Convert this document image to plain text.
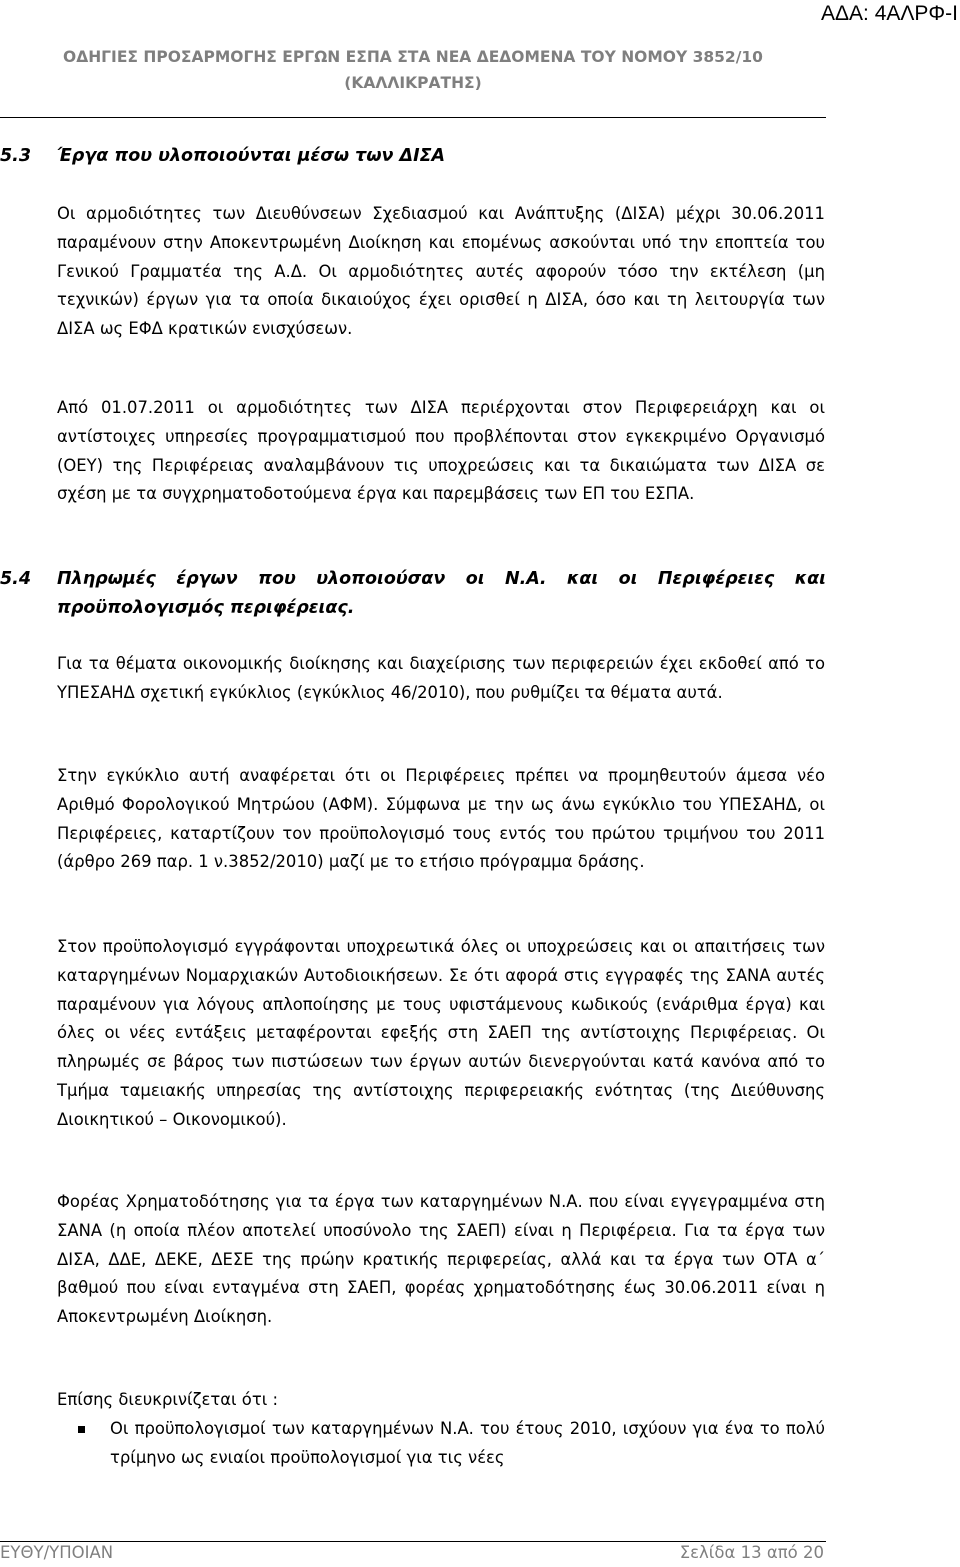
ΑΔΑ: 4ΑΛΡΦ-Ι
ΟΔΗΓΙΕΣ ΠΡΟΣΑΡΜΟΓΗΣ ΕΡΓΩΝ ΕΣΠΑ ΣΤΑ ΝΕΑ ΔΕΔΟΜΕΝΑ ΤΟΥ ΝΟΜΟΥ 3852/10
(ΚΑΛΛΙΚΡΑΤΗΣ)
5.3 Έργα που υλοποιούνται μέσω των ΔΙΣΑ

Οι αρμοδιότητες των Διευθύνσεων Σχεδιασμού και Ανάπτυξης (ΔΙΣΑ) μέχρι 30.06.2011 παραμένουν στην Αποκεντρωμένη Διοίκηση και επομένως ασκούνται υπό την εποπτεία του Γενικού Γραμματέα της Α.Δ. Οι αρμοδιότητες αυτές αφορούν τόσο την εκτέλεση (μη τεχνικών) έργων για τα οποία δικαιούχος έχει ορισθεί η ΔΙΣΑ, όσο και τη λειτουργία των ΔΙΣΑ ως ΕΦΔ κρατικών ενισχύσεων.

Από 01.07.2011 οι αρμοδιότητες των ΔΙΣΑ περιέρχονται στον Περιφερειάρχη και οι αντίστοιχες υπηρεσίες προγραμματισμού που προβλέπονται στον εγκεκριμένο Οργανισμό (ΟΕΥ) της Περιφέρειας αναλαμβάνουν τις υποχρεώσεις και τα δικαιώματα των ΔΙΣΑ σε σχέση με τα συγχρηματοδοτούμενα έργα και παρεμβάσεις των ΕΠ του ΕΣΠΑ.

5.4	Πληρωμές έργων που υλοποιούσαν οι Ν.Α. και οι Περιφέρειες και προϋπολογισμός περιφέρειας.

Για τα θέματα οικονομικής διοίκησης και διαχείρισης των περιφερειών έχει εκδοθεί από το ΥΠΕΣΑΗΔ σχετική εγκύκλιος (εγκύκλιος 46/2010), που ρυθμίζει τα θέματα αυτά.

Στην εγκύκλιο αυτή αναφέρεται ότι οι Περιφέρειες πρέπει να προμηθευτούν άμεσα νέο Αριθμό Φορολογικού Μητρώου (ΑΦΜ). Σύμφωνα με την ως άνω εγκύκλιο του ΥΠΕΣΑΗΔ, οι Περιφέρειες, καταρτίζουν τον προϋπολογισμό τους εντός του πρώτου τριμήνου του 2011 (άρθρο 269 παρ. 1 ν.3852/2010) μαζί με το ετήσιο πρόγραμμα δράσης.

Στον προϋπολογισμό εγγράφονται υποχρεωτικά όλες οι υποχρεώσεις και οι απαιτήσεις των καταργημένων Νομαρχιακών Αυτοδιοικήσεων. Σε ότι αφορά στις εγγραφές της ΣΑΝΑ αυτές παραμένουν για λόγους απλοποίησης με τους υφιστάμενους κωδικούς (ενάριθμα έργα) και όλες οι νέες εντάξεις μεταφέρονται εφεξής στη ΣΑΕΠ της αντίστοιχης Περιφέρειας. Οι πληρωμές σε βάρος των πιστώσεων των έργων αυτών διενεργούνται κατά κανόνα από το Τμήμα ταμειακής υπηρεσίας της αντίστοιχης περιφερειακής ενότητας (της Διεύθυνσης Διοικητικού – Οικονομικού).

Φορέας Χρηματοδότησης για τα έργα των καταργημένων Ν.Α. που είναι εγγεγραμμένα στη ΣΑΝΑ (η οποία πλέον αποτελεί υποσύνολο της ΣΑΕΠ) είναι η Περιφέρεια. Για τα έργα των ΔΙΣΑ, ΔΔΕ, ΔΕΚΕ, ΔΕΣΕ της πρώην κρατικής περιφερείας, αλλά και τα έργα των ΟΤΑ α΄ βαθμού που είναι ενταγμένα στη ΣΑΕΠ, φορέας χρηματοδότησης έως 30.06.2011 είναι η Αποκεντρωμένη Διοίκηση.

Επίσης διευκρινίζεται ότι :

Οι προϋπολογισμοί των καταργημένων Ν.Α. του έτους 2010, ισχύουν για ένα το πολύ τρίμηνο ως ενιαίοι προϋπολογισμοί για τις νέες
ΕΥΘΥ/ΥΠΟΙΑΝ	Σελίδα 13 από 20
